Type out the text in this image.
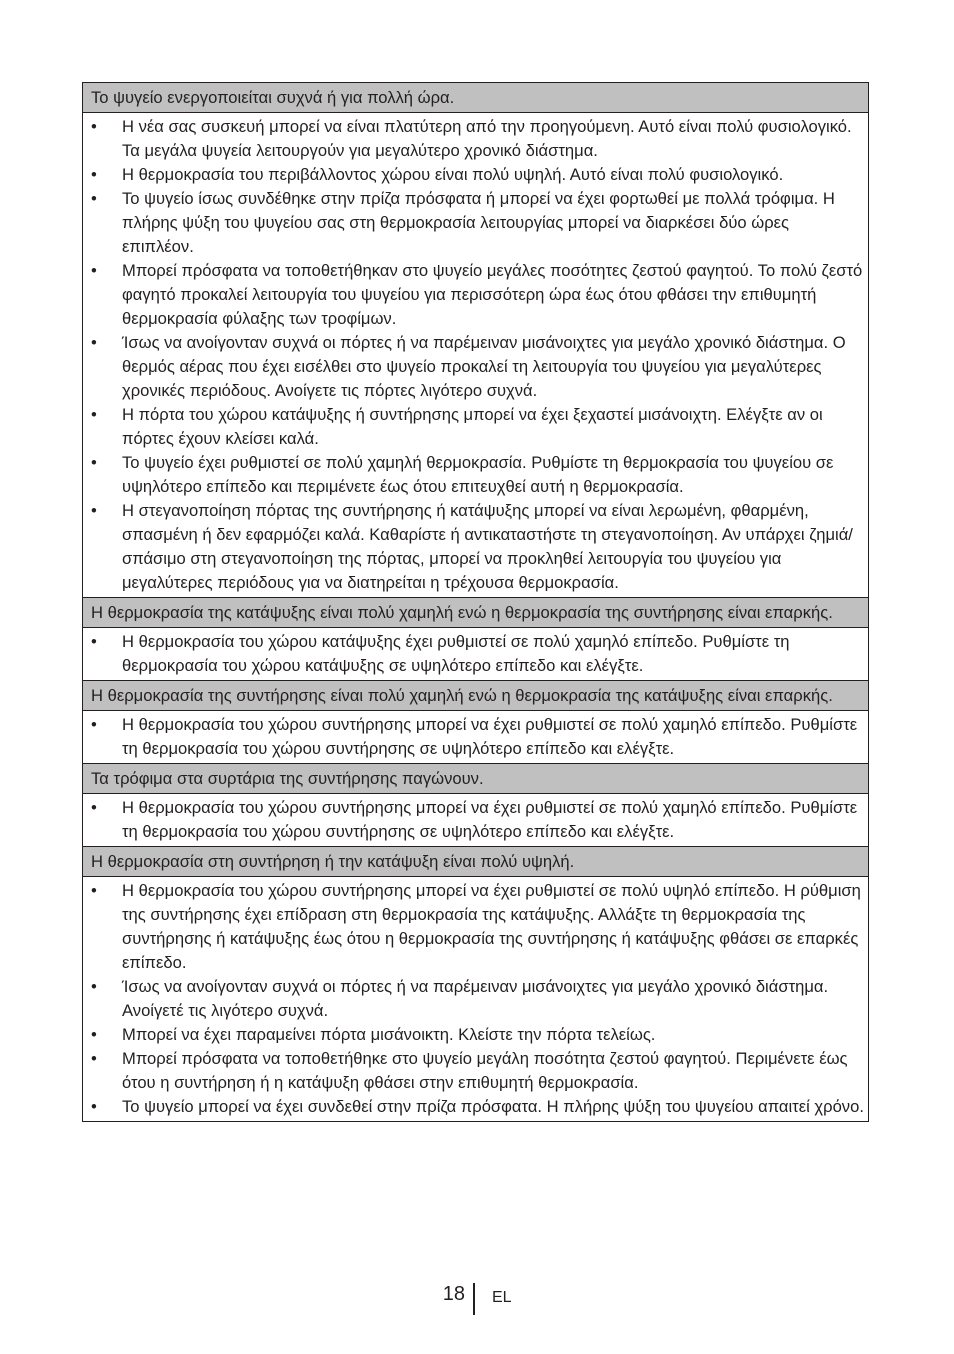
Το ψυγείο ενεργοποιείται συχνά ή για πολλή ώρα.
•	Η νέα σας συσκευή μπορεί να είναι πλατύτερη από την προηγούμενη. Αυτό είναι πολύ φυσιολογικό. Τα μεγάλα ψυγεία λειτουργούν για μεγαλύτερο χρονικό διάστημα.
•	Η θερμοκρασία του περιβάλλοντος χώρου είναι πολύ υψηλή. Αυτό είναι πολύ φυσιολογικό.
•	Το ψυγείο ίσως συνδέθηκε στην πρίζα πρόσφατα ή μπορεί να έχει φορτωθεί με πολλά τρόφιμα. Η πλήρης ψύξη του ψυγείου σας στη θερμοκρασία λειτουργίας μπορεί να διαρκέσει δύο ώρες επιπλέον.
•	Μπορεί πρόσφατα να τοποθετήθηκαν στο ψυγείο μεγάλες ποσότητες ζεστού φαγητού. Το πολύ ζεστό φαγητό προκαλεί λειτουργία του ψυγείου για περισσότερη ώρα έως ότου φθάσει την επιθυμητή θερμοκρασία φύλαξης των τροφίμων.
•	Ίσως να ανοίγονταν συχνά οι πόρτες ή να παρέμειναν μισάνοιχτες για μεγάλο χρονικό διάστημα. Ο θερμός αέρας που έχει εισέλθει στο ψυγείο προκαλεί τη λειτουργία του ψυγείου για μεγαλύτερες χρονικές περιόδους. Ανοίγετε τις πόρτες λιγότερο συχνά.
•	Η πόρτα του χώρου κατάψυξης ή συντήρησης μπορεί να έχει ξεχαστεί μισάνοιχτη. Ελέγξτε αν οι πόρτες έχουν κλείσει καλά.
•	Το ψυγείο έχει ρυθμιστεί σε πολύ χαμηλή θερμοκρασία. Ρυθμίστε τη θερμοκρασία του ψυγείου σε υψηλότερο επίπεδο και περιμένετε έως ότου επιτευχθεί αυτή η θερμοκρασία.
•	Η στεγανοποίηση πόρτας της συντήρησης ή κατάψυξης μπορεί να είναι λερωμένη, φθαρμένη, σπασμένη ή δεν εφαρμόζει καλά. Καθαρίστε ή αντικαταστήστε τη στεγανοποίηση. Αν υπάρχει ζημιά/ σπάσιμο στη στεγανοποίηση της πόρτας, μπορεί να προκληθεί λειτουργία του ψυγείου για μεγαλύτερες περιόδους για να διατηρείται η τρέχουσα θερμοκρασία.
Η θερμοκρασία της κατάψυξης είναι πολύ χαμηλή ενώ η θερμοκρασία της συντήρησης είναι επαρκής.
•	Η θερμοκρασία του χώρου κατάψυξης έχει ρυθμιστεί σε πολύ χαμηλό επίπεδο. Ρυθμίστε τη θερμοκρασία του χώρου κατάψυξης σε υψηλότερο επίπεδο και ελέγξτε.
Η θερμοκρασία της συντήρησης είναι πολύ χαμηλή ενώ η θερμοκρασία της κατάψυξης είναι επαρκής.
•	Η θερμοκρασία του χώρου συντήρησης μπορεί να έχει ρυθμιστεί σε πολύ χαμηλό επίπεδο. Ρυθμίστε τη θερμοκρασία του χώρου συντήρησης σε υψηλότερο επίπεδο και ελέγξτε.
Τα τρόφιμα στα συρτάρια της συντήρησης παγώνουν.
•	Η θερμοκρασία του χώρου συντήρησης μπορεί να έχει ρυθμιστεί σε πολύ χαμηλό επίπεδο. Ρυθμίστε τη θερμοκρασία του χώρου συντήρησης σε υψηλότερο επίπεδο και ελέγξτε.
Η θερμοκρασία στη συντήρηση ή την κατάψυξη είναι πολύ υψηλή.
•	Η θερμοκρασία του χώρου συντήρησης μπορεί να έχει ρυθμιστεί σε πολύ υψηλό επίπεδο. Η ρύθμιση της συντήρησης έχει επίδραση στη θερμοκρασία της κατάψυξης. Αλλάξτε τη θερμοκρασία της συντήρησης ή κατάψυξης έως ότου η θερμοκρασία της συντήρησης ή κατάψυξης φθάσει σε επαρκές επίπεδο.
•	Ίσως να ανοίγονταν συχνά οι πόρτες ή να παρέμειναν μισάνοιχτες για μεγάλο χρονικό διάστημα. Ανοίγετέ τις λιγότερο συχνά.
•	Μπορεί να έχει παραμείνει πόρτα μισάνοικτη. Κλείστε την πόρτα τελείως.
•	Μπορεί πρόσφατα να τοποθετήθηκε στο ψυγείο μεγάλη ποσότητα ζεστού φαγητού. Περιμένετε έως ότου η συντήρηση ή η κατάψυξη φθάσει στην επιθυμητή θερμοκρασία.
•	Το ψυγείο μπορεί να έχει συνδεθεί στην πρίζα πρόσφατα. Η πλήρης ψύξη του ψυγείου απαιτεί χρόνο.
18 EL
